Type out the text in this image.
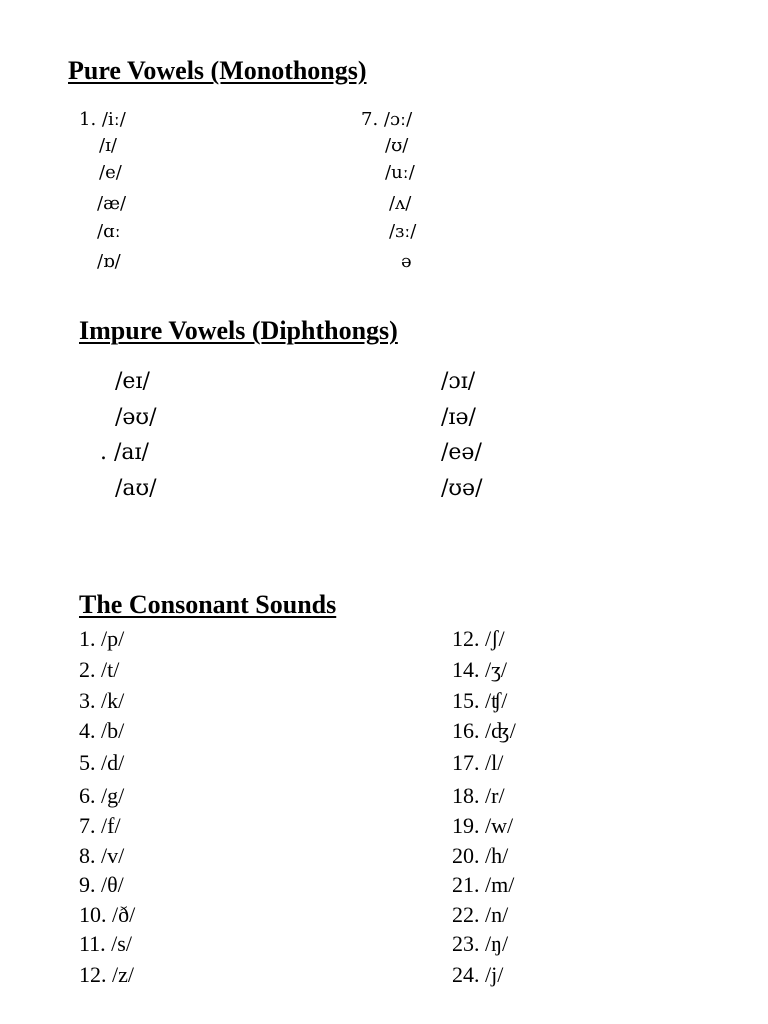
Pure Vowels (Monothongs)
1. /iː/
/ɪ/
/e/
/æ/
/ɑː
/ɒ/
7. /ɔː/
/ʊ/
/uː/
/ʌ/
/ɜː/
ə
Impure Vowels (Diphthongs)
/eɪ/
/əʊ/
. /aɪ/
/aʊ/
/ɔɪ/
/ɪə/
/eə/
/ʊə/
The Consonant Sounds
1. /p/
2. /t/
3. /k/
4. /b/
5. /d/
6. /g/
7. /f/
8. /v/
9. /θ/
10. /ð/
11. /s/
12. /z/
12. /ʃ/
14. /ʒ/
15. /ʧ/
16. /ʤ/
17. /l/
18. /r/
19. /w/
20. /h/
21. /m/
22. /n/
23. /ŋ/
24. /j/
